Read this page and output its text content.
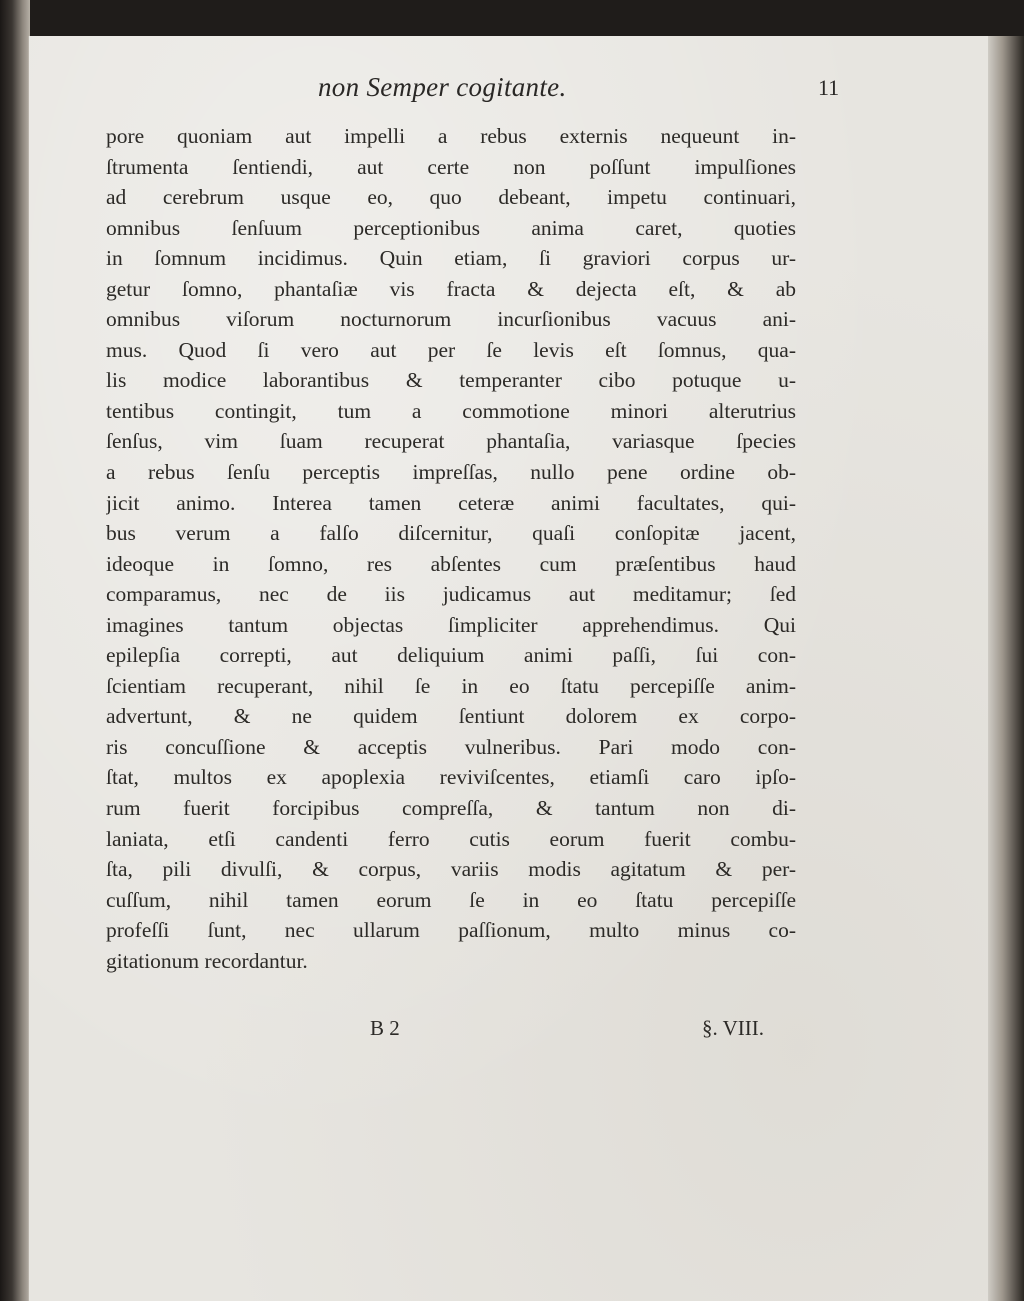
non Semper cogitante.	11
pore quoniam aut impelli a rebus externis nequeunt in-
ſtrumenta ſentiendi, aut certe non poſſunt impulſiones
ad cerebrum usque eo, quo debeant, impetu continuari,
omnibus ſenſuum perceptionibus anima caret, quoties
in ſomnum incidimus. Quin etiam, ſi graviori corpus ur-
getur ſomno, phantaſiæ vis fracta & dejecta eſt, & ab
omnibus viſorum nocturnorum incurſionibus vacuus ani-
mus. Quod ſi vero aut per ſe levis eſt ſomnus, qua-
lis modice laborantibus & temperanter cibo potuque u-
tentibus contingit, tum a commotione minori alterutrius
ſenſus, vim ſuam recuperat phantaſia, variasque ſpecies
a rebus ſenſu perceptis impreſſas, nullo pene ordine ob-
jicit animo. Interea tamen ceteræ animi facultates, qui-
bus verum a falſo diſcernitur, quaſi conſopitæ jacent,
ideoque in ſomno, res abſentes cum præſentibus haud
comparamus, nec de iis judicamus aut meditamur; ſed
imagines tantum objectas ſimpliciter apprehendimus. Qui
epilepſia correpti, aut deliquium animi paſſi, ſui con-
ſcientiam recuperant, nihil ſe in eo ſtatu percepiſſe anim-
advertunt, & ne quidem ſentiunt dolorem ex corpo-
ris concuſſione & acceptis vulneribus. Pari modo con-
ſtat, multos ex apoplexia reviviſcentes, etiamſi caro ipſo-
rum fuerit forcipibus compreſſa, & tantum non di-
laniata, etſi candenti ferro cutis eorum fuerit combu-
ſta, pili divulſi, & corpus, variis modis agitatum & per-
cuſſum, nihil tamen eorum ſe in eo ſtatu percepiſſe
profeſſi ſunt, nec ullarum paſſionum, multo minus co-
gitationum recordantur.
B 2	§. VIII.
